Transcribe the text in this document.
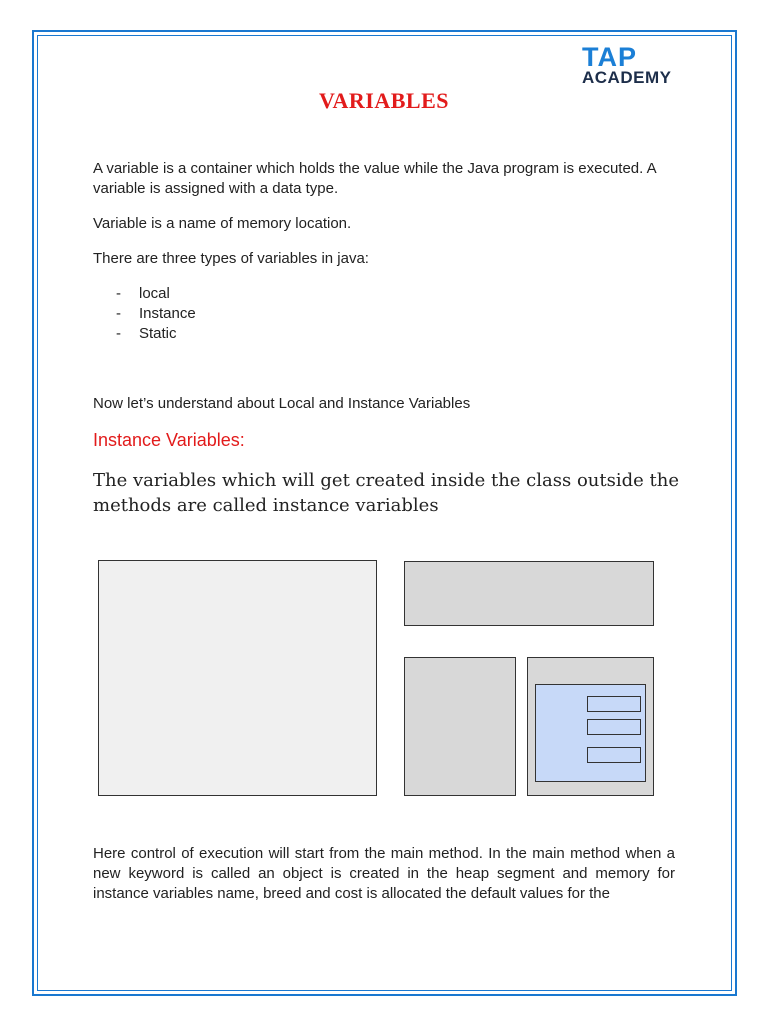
TAP
ACADEMY
VARIABLES

A variable is a container which holds the value while the Java program is executed. A variable is assigned with a data type.

Variable is a name of memory location.

There are three types of variables in java:

- local
- Instance
- Static

Now let’s understand about Local and Instance Variables

Instance Variables:
The variables which will get created inside the class outside the methods are called instance variables

Here control of execution will start from the main method. In the main method when a new keyword is called an object is created in the heap segment and memory for instance variables name, breed and cost is allocated the default values for the
